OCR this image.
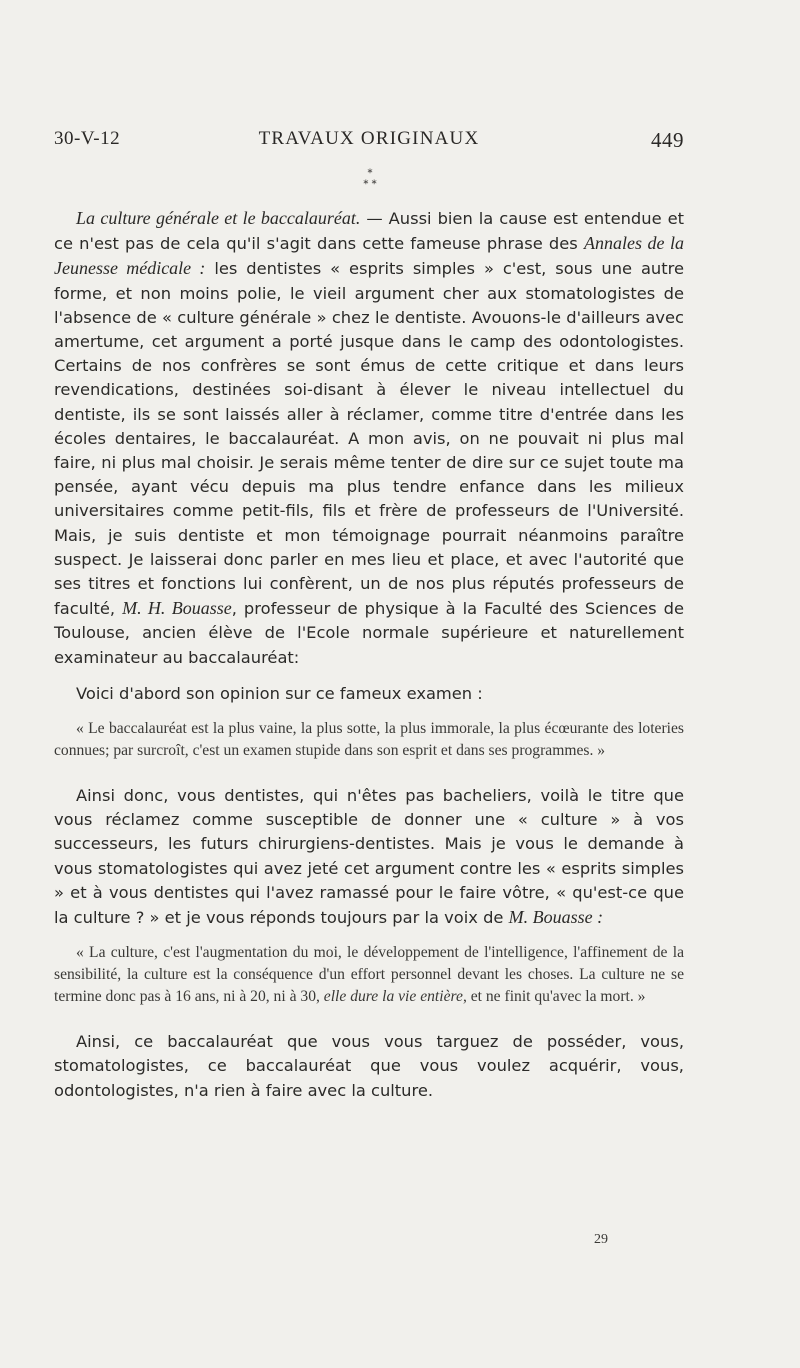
30-V-12	TRAVAUX ORIGINAUX	449
*
* *

La culture générale et le baccalauréat. — Aussi bien la cause est entendue et ce n'est pas de cela qu'il s'agit dans cette fameuse phrase des Annales de la Jeunesse médicale : les dentistes « esprits simples » c'est, sous une autre forme, et non moins polie, le vieil argument cher aux stomatologistes de l'absence de « culture générale » chez le dentiste. Avouons-le d'ailleurs avec amertume, cet argument a porté jusque dans le camp des odontologistes. Certains de nos confrères se sont émus de cette critique et dans leurs revendications, destinées soi-disant à élever le niveau intellectuel du dentiste, ils se sont laissés aller à réclamer, comme titre d'entrée dans les écoles dentaires, le baccalauréat. A mon avis, on ne pouvait ni plus mal faire, ni plus mal choisir. Je serais même tenter de dire sur ce sujet toute ma pensée, ayant vécu depuis ma plus tendre enfance dans les milieux universitaires comme petit-fils, fils et frère de professeurs de l'Université. Mais, je suis dentiste et mon témoignage pourrait néanmoins paraître suspect. Je laisserai donc parler en mes lieu et place, et avec l'autorité que ses titres et fonctions lui confèrent, un de nos plus réputés professeurs de faculté, M. H. Bouasse, professeur de physique à la Faculté des Sciences de Toulouse, ancien élève de l'Ecole normale supérieure et naturellement examinateur au baccalauréat:

Voici d'abord son opinion sur ce fameux examen :

« Le baccalauréat est la plus vaine, la plus sotte, la plus immorale, la plus écœurante des loteries connues; par surcroît, c'est un examen stupide dans son esprit et dans ses programmes. »

Ainsi donc, vous dentistes, qui n'êtes pas bacheliers, voilà le titre que vous réclamez comme susceptible de donner une « culture » à vos successeurs, les futurs chirurgiens-dentistes. Mais je vous le demande à vous stomatologistes qui avez jeté cet argument contre les « esprits simples » et à vous dentistes qui l'avez ramassé pour le faire vôtre, « qu'est-ce que la culture ? » et je vous réponds toujours par la voix de M. Bouasse :

« La culture, c'est l'augmentation du moi, le développement de l'intelligence, l'affinement de la sensibilité, la culture est la conséquence d'un effort personnel devant les choses. La culture ne se termine donc pas à 16 ans, ni à 20, ni à 30, elle dure la vie entière, et ne finit qu'avec la mort. »

Ainsi, ce baccalauréat que vous vous targuez de posséder, vous, stomatologistes, ce baccalauréat que vous voulez acquérir, vous, odontologistes, n'a rien à faire avec la culture.

29
